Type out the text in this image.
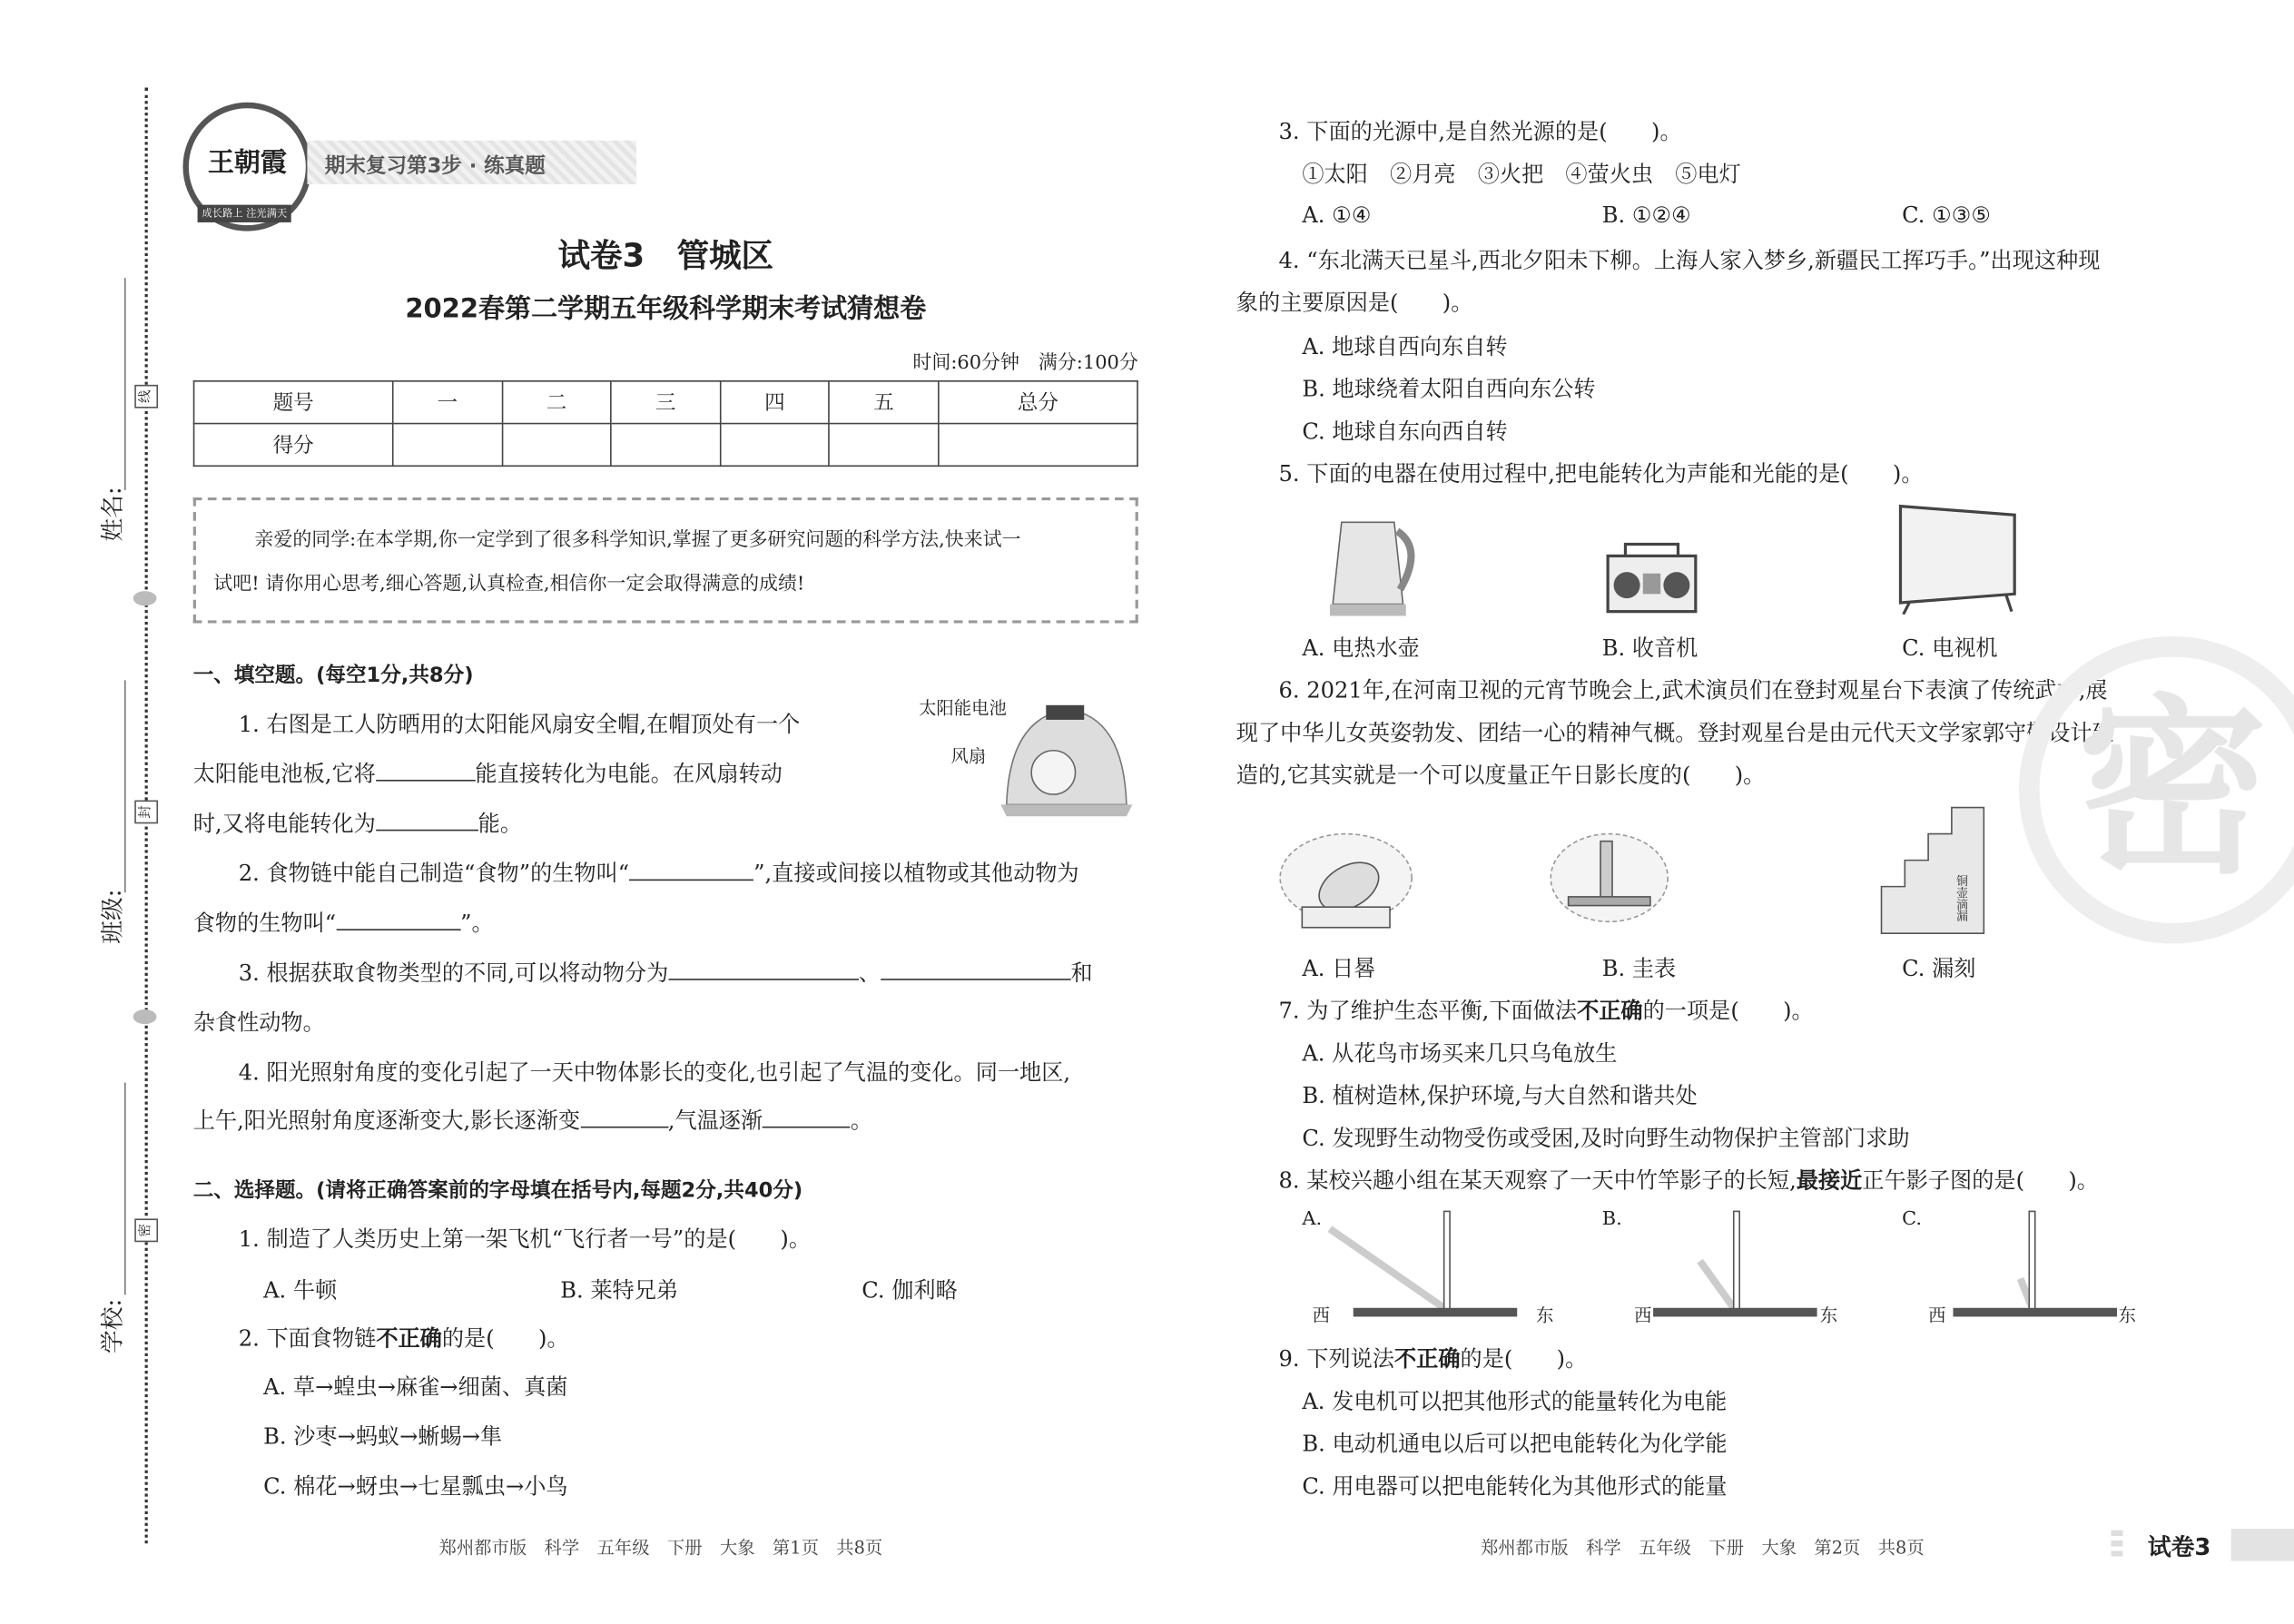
姓名:
班级:
学校:
线
封
密
王朝霞
成长路上 注光满天
期末复习第3步 · 练真题
试卷3　管城区
2022春第二学期五年级科学期末考试猜想卷
时间:60分钟　满分:100分
题号	一	二	三	四	五	总分
得分						
亲爱的同学:在本学期,你一定学到了很多科学知识,掌握了更多研究问题的科学方法,快来试一
试吧! 请你用心思考,细心答题,认真检查,相信你一定会取得满意的成绩!
一、填空题。(每空1分,共8分)
1. 右图是工人防晒用的太阳能风扇安全帽,在帽顶处有一个
太阳能电池板,它将	能直接转化为电能。在风扇转动
时,又将电能转化为	能。
太阳能电池
风扇
2. 食物链中能自己制造“食物”的生物叫“	”,直接或间接以植物或其他动物为
食物的生物叫“	”。
3. 根据获取食物类型的不同,可以将动物分为	、	和
杂食性动物。
4. 阳光照射角度的变化引起了一天中物体影长的变化,也引起了气温的变化。同一地区,
上午,阳光照射角度逐渐变大,影长逐渐变	,气温逐渐	。
二、选择题。(请将正确答案前的字母填在括号内,每题2分,共40分)
1. 制造了人类历史上第一架飞机“飞行者一号”的是(　　)。
A. 牛顿	B. 莱特兄弟	C. 伽利略
2. 下面食物链不正确的是(　　)。
A. 草→蝗虫→麻雀→细菌、真菌
B. 沙枣→蚂蚁→蜥蜴→隼
C. 棉花→蚜虫→七星瓢虫→小鸟
郑州都市版　科学　五年级　下册　大象　第1页　共8页
3. 下面的光源中,是自然光源的是(　　)。
①太阳　②月亮　③火把　④萤火虫　⑤电灯
A. ①④	B. ①②④	C. ①③⑤
4. “东北满天已星斗,西北夕阳未下柳。上海人家入梦乡,新疆民工挥巧手。”出现这种现
象的主要原因是(　　)。
A. 地球自西向东自转
B. 地球绕着太阳自西向东公转
C. 地球自东向西自转
5. 下面的电器在使用过程中,把电能转化为声能和光能的是(　　)。
A. 电热水壶	B. 收音机	C. 电视机
6. 2021年,在河南卫视的元宵节晚会上,武术演员们在登封观星台下表演了传统武术,展
现了中华儿女英姿勃发、团结一心的精神气概。登封观星台是由元代天文学家郭守敬设计建
造的,它其实就是一个可以度量正午日影长度的(　　)。
铜壶滴漏
A. 日晷	B. 圭表	C. 漏刻
7. 为了维护生态平衡,下面做法不正确的一项是(　　)。
A. 从花鸟市场买来几只乌龟放生
B. 植树造林,保护环境,与大自然和谐共处
C. 发现野生动物受伤或受困,及时向野生动物保护主管部门求助
8. 某校兴趣小组在某天观察了一天中竹竿影子的长短,最接近正午影子图的是(　　)。
A.	B.	C.
西	东	西	东	西	东
9. 下列说法不正确的是(　　)。
A. 发电机可以把其他形式的能量转化为电能
B. 电动机通电以后可以把电能转化为化学能
C. 用电器可以把电能转化为其他形式的能量
郑州都市版　科学　五年级　下册　大象　第2页　共8页	试卷3
密
